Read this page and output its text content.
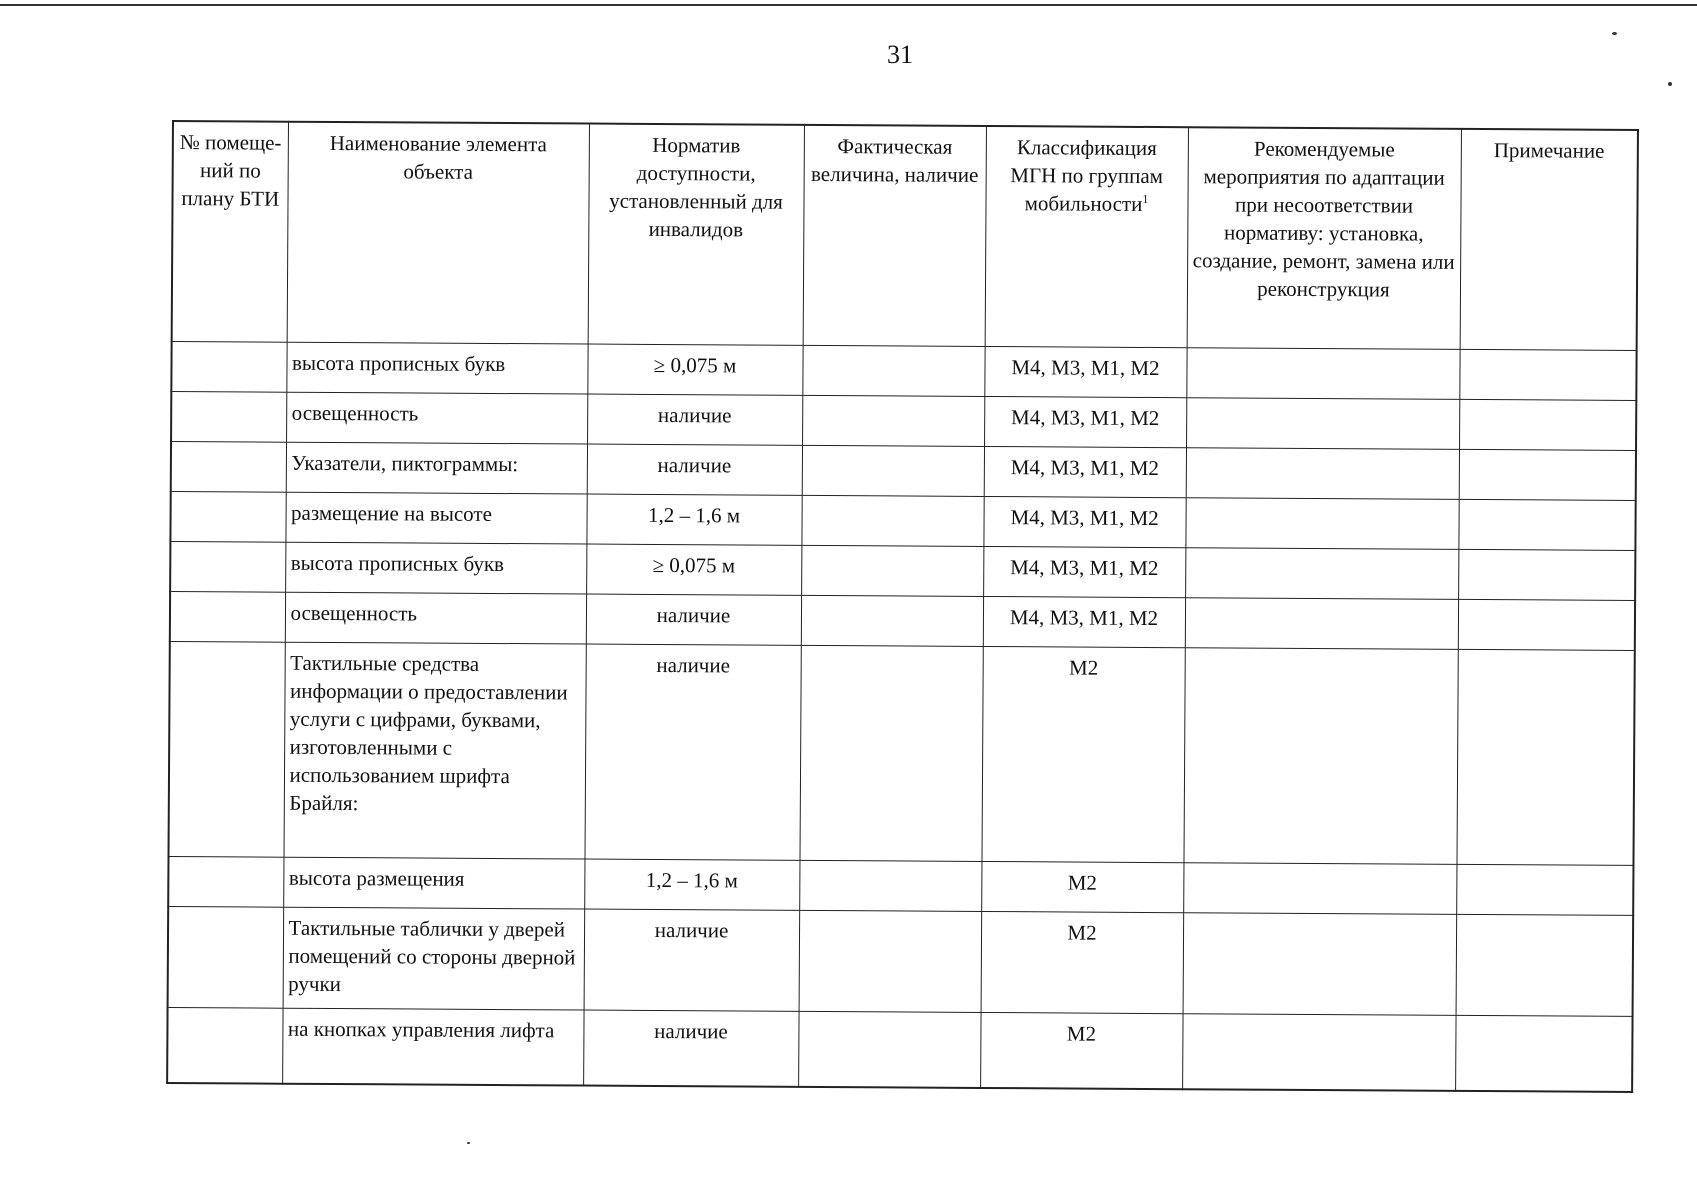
31
№ помеще-ний по плану БТИ	Наименование элемента объекта	Норматив доступности, установленный для инвалидов	Фактическая величина, наличие	Классификация МГН по группам мобильности$^1$	Рекомендуемые мероприятия по адаптации при несоответствии нормативу: установка, создание, ремонт, замена или реконструкция	Примечание
	высота прописных букв	≥ 0,075 м		М4, М3, М1, М2		
	освещенность	наличие		М4, М3, М1, М2		
	Указатели, пиктограммы:	наличие		М4, М3, М1, М2		
	размещение на высоте	1,2 – 1,6 м		М4, М3, М1, М2		
	высота прописных букв	≥ 0,075 м		М4, М3, М1, М2		
	освещенность	наличие		М4, М3, М1, М2		
	Тактильные средства информации о предоставлении услуги с цифрами, буквами, изготовленными с использованием шрифта Брайля:	наличие		М2		
	высота размещения	1,2 – 1,6 м		М2		
	Тактильные таблички у дверей помещений со стороны дверной ручки	наличие		М2		
	на кнопках управления лифта	наличие		М2		
